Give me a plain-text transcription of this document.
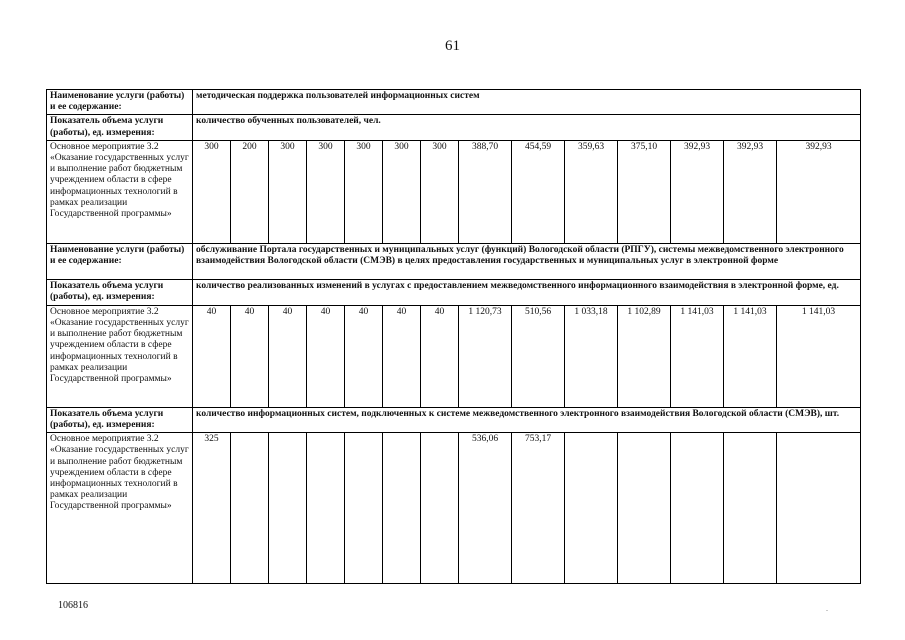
61
Наименование услуги (работы) и ее содержание:	методическая поддержка пользователей информационных систем													
Показатель объема услуги (работы), ед. измерения:	количество обученных пользователей, чел.													
Основное мероприятие 3.2 «Оказание государственных услуг и выполнение работ бюджетным учреждением области в сфере информационных технологий в рамках реализации Государственной программы»	300	200	300	300	300	300	300	388,70	454,59	359,63	375,10	392,93	392,93	392,93
Наименование услуги (работы) и ее содержание:	обслуживание Портала государственных и муниципальных услуг (функций) Вологодской области (РПГУ), системы межведомственного электронного взаимодействия Вологодской области (СМЭВ) в целях предоставления государственных и муниципальных услуг в электронной форме													
Показатель объема услуги (работы), ед. измерения:	количество реализованных изменений в услугах с предоставлением межведомственного информационного взаимодействия в электронной форме, ед.													
Основное мероприятие 3.2 «Оказание государственных услуг и выполнение работ бюджетным учреждением области в сфере информационных технологий в рамках реализации Государственной программы»	40	40	40	40	40	40	40	1 120,73	510,56	1 033,18	1 102,89	1 141,03	1 141,03	1 141,03
Показатель объема услуги (работы), ед. измерения:	количество информационных систем, подключенных к системе межведомственного электронного взаимодействия Вологодской области (СМЭВ), шт.													
Основное мероприятие 3.2 «Оказание государственных услуг и выполнение работ бюджетным учреждением области в сфере информационных технологий в рамках реализации Государственной программы»	325							536,06	753,17					
106816	.
